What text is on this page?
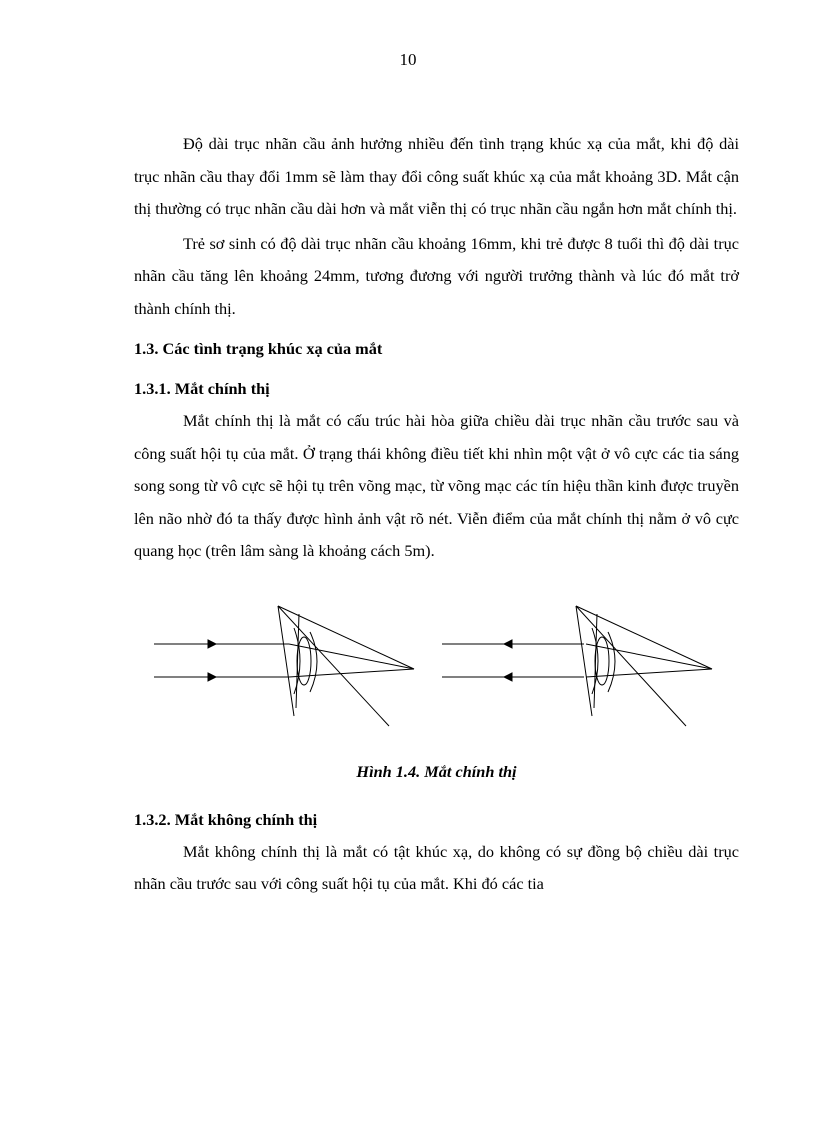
10

Độ dài trục nhãn cầu ảnh hưởng nhiều đến tình trạng khúc xạ của mắt, khi độ dài trục nhãn cầu thay đổi 1mm sẽ làm thay đổi công suất khúc xạ của mắt khoảng 3D. Mắt cận thị thường có trục nhãn cầu dài hơn và mắt viễn thị có trục nhãn cầu ngắn hơn mắt chính thị.

Trẻ sơ sinh có độ dài trục nhãn cầu khoảng 16mm, khi trẻ được 8 tuổi thì độ dài trục nhãn cầu tăng lên khoảng 24mm, tương đương với người trưởng thành và lúc đó mắt trở thành chính thị.

1.3. Các tình trạng khúc xạ của mắt

1.3.1. Mắt chính thị

Mắt chính thị là mắt có cấu trúc hài hòa giữa chiều dài trục nhãn cầu trước sau và công suất hội tụ của mắt. Ở trạng thái không điều tiết khi nhìn một vật ở vô cực các tia sáng song song từ vô cực sẽ hội tụ trên võng mạc, từ võng mạc các tín hiệu thần kinh được truyền lên não nhờ đó ta thấy được hình ảnh vật rõ nét. Viễn điểm của mắt chính thị nằm ở vô cực quang học (trên lâm sàng là khoảng cách 5m).

Hình 1.4. Mắt chính thị

1.3.2. Mắt không chính thị

Mắt không chính thị là mắt có tật khúc xạ, do không có sự đồng bộ chiều dài trục nhãn cầu trước sau với công suất hội tụ của mắt. Khi đó các tia
